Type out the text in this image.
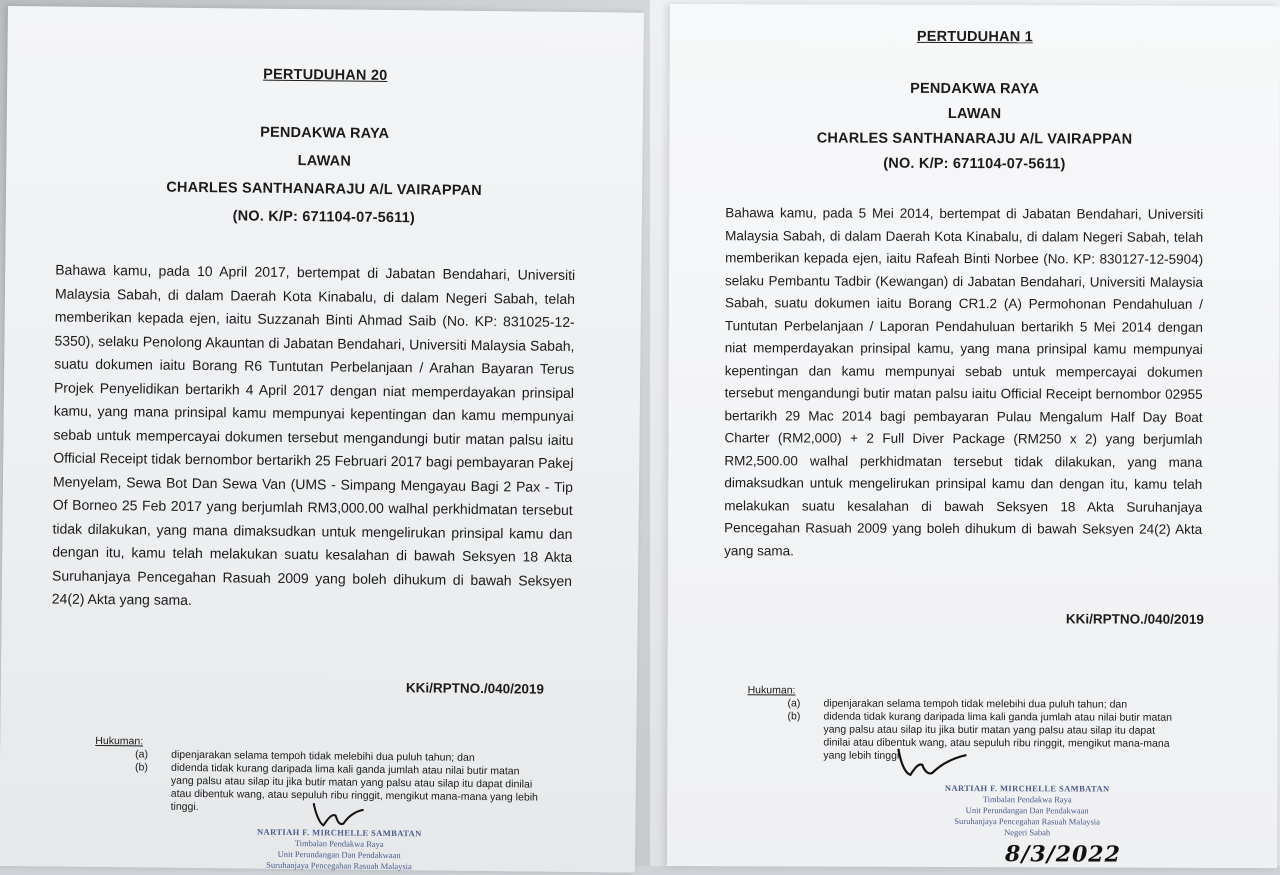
PERTUDUHAN 20
PENDAKWA RAYA
LAWAN
CHARLES SANTHANARAJU A/L VAIRAPPAN
(NO. K/P: 671104-07-5611)

Bahawa kamu, pada 10 April 2017, bertempat di Jabatan Bendahari, Universiti Malaysia Sabah, di dalam Daerah Kota Kinabalu, di dalam Negeri Sabah, telah memberikan kepada ejen, iaitu Suzzanah Binti Ahmad Saib (No. KP: 831025-12-5350), selaku Penolong Akauntan di Jabatan Bendahari, Universiti Malaysia Sabah, suatu dokumen iaitu Borang R6 Tuntutan Perbelanjaan / Arahan Bayaran Terus Projek Penyelidikan bertarikh 4 April 2017 dengan niat memperdayakan prinsipal kamu, yang mana prinsipal kamu mempunyai kepentingan dan kamu mempunyai sebab untuk mempercayai dokumen tersebut mengandungi butir matan palsu iaitu Official Receipt tidak bernombor bertarikh 25 Februari 2017 bagi pembayaran Pakej Menyelam, Sewa Bot Dan Sewa Van (UMS - Simpang Mengayau Bagi 2 Pax - Tip Of Borneo 25 Feb 2017 yang berjumlah RM3,000.00 walhal perkhidmatan tersebut tidak dilakukan, yang mana dimaksudkan untuk mengelirukan prinsipal kamu dan dengan itu, kamu telah melakukan suatu kesalahan di bawah Seksyen 18 Akta Suruhanjaya Pencegahan Rasuah 2009 yang boleh dihukum di bawah Seksyen 24(2) Akta yang sama.

KKi/RPTNO./040/2019
Hukuman:
(a)	dipenjarakan selama tempoh tidak melebihi dua puluh tahun; dan
(b)	didenda tidak kurang daripada lima kali ganda jumlah atau nilai butir matan yang palsu atau silap itu jika butir matan yang palsu atau silap itu dapat dinilai atau dibentuk wang, atau sepuluh ribu ringgit, mengikut mana-mana yang lebih tinggi.
NARTIAH F. MIRCHELLE SAMBATAN
Timbalan Pendakwa Raya
Unit Perundangan Dan Pendakwaan
Suruhanjaya Pencegahan Rasuah Malaysia
PERTUDUHAN 1
PENDAKWA RAYA
LAWAN
CHARLES SANTHANARAJU A/L VAIRAPPAN
(NO. K/P: 671104-07-5611)

Bahawa kamu, pada 5 Mei 2014, bertempat di Jabatan Bendahari, Universiti Malaysia Sabah, di dalam Daerah Kota Kinabalu, di dalam Negeri Sabah, telah memberikan kepada ejen, iaitu Rafeah Binti Norbee (No. KP: 830127-12-5904) selaku Pembantu Tadbir (Kewangan) di Jabatan Bendahari, Universiti Malaysia Sabah, suatu dokumen iaitu Borang CR1.2 (A) Permohonan Pendahuluan / Tuntutan Perbelanjaan / Laporan Pendahuluan bertarikh 5 Mei 2014 dengan niat memperdayakan prinsipal kamu, yang mana prinsipal kamu mempunyai kepentingan dan kamu mempunyai sebab untuk mempercayai dokumen tersebut mengandungi butir matan palsu iaitu Official Receipt bernombor 02955 bertarikh 29 Mac 2014 bagi pembayaran Pulau Mengalum Half Day Boat Charter (RM2,000) + 2 Full Diver Package (RM250 x 2) yang berjumlah RM2,500.00 walhal perkhidmatan tersebut tidak dilakukan, yang mana dimaksudkan untuk mengelirukan prinsipal kamu dan dengan itu, kamu telah melakukan suatu kesalahan di bawah Seksyen 18 Akta Suruhanjaya Pencegahan Rasuah 2009 yang boleh dihukum di bawah Seksyen 24(2) Akta yang sama.

KKi/RPTNO./040/2019
Hukuman:
(a)	dipenjarakan selama tempoh tidak melebihi dua puluh tahun; dan
(b)	didenda tidak kurang daripada lima kali ganda jumlah atau nilai butir matan yang palsu atau silap itu jika butir matan yang palsu atau silap itu dapat dinilai atau dibentuk wang, atau sepuluh ribu ringgit, mengikut mana-mana yang lebih tinggi.
NARTIAH F. MIRCHELLE SAMBATAN
Timbalan Pendakwa Raya
Unit Perundangan Dan Pendakwaan
Suruhanjaya Pencegahan Rasuah Malaysia
Negeri Sabah
8/3/2022
